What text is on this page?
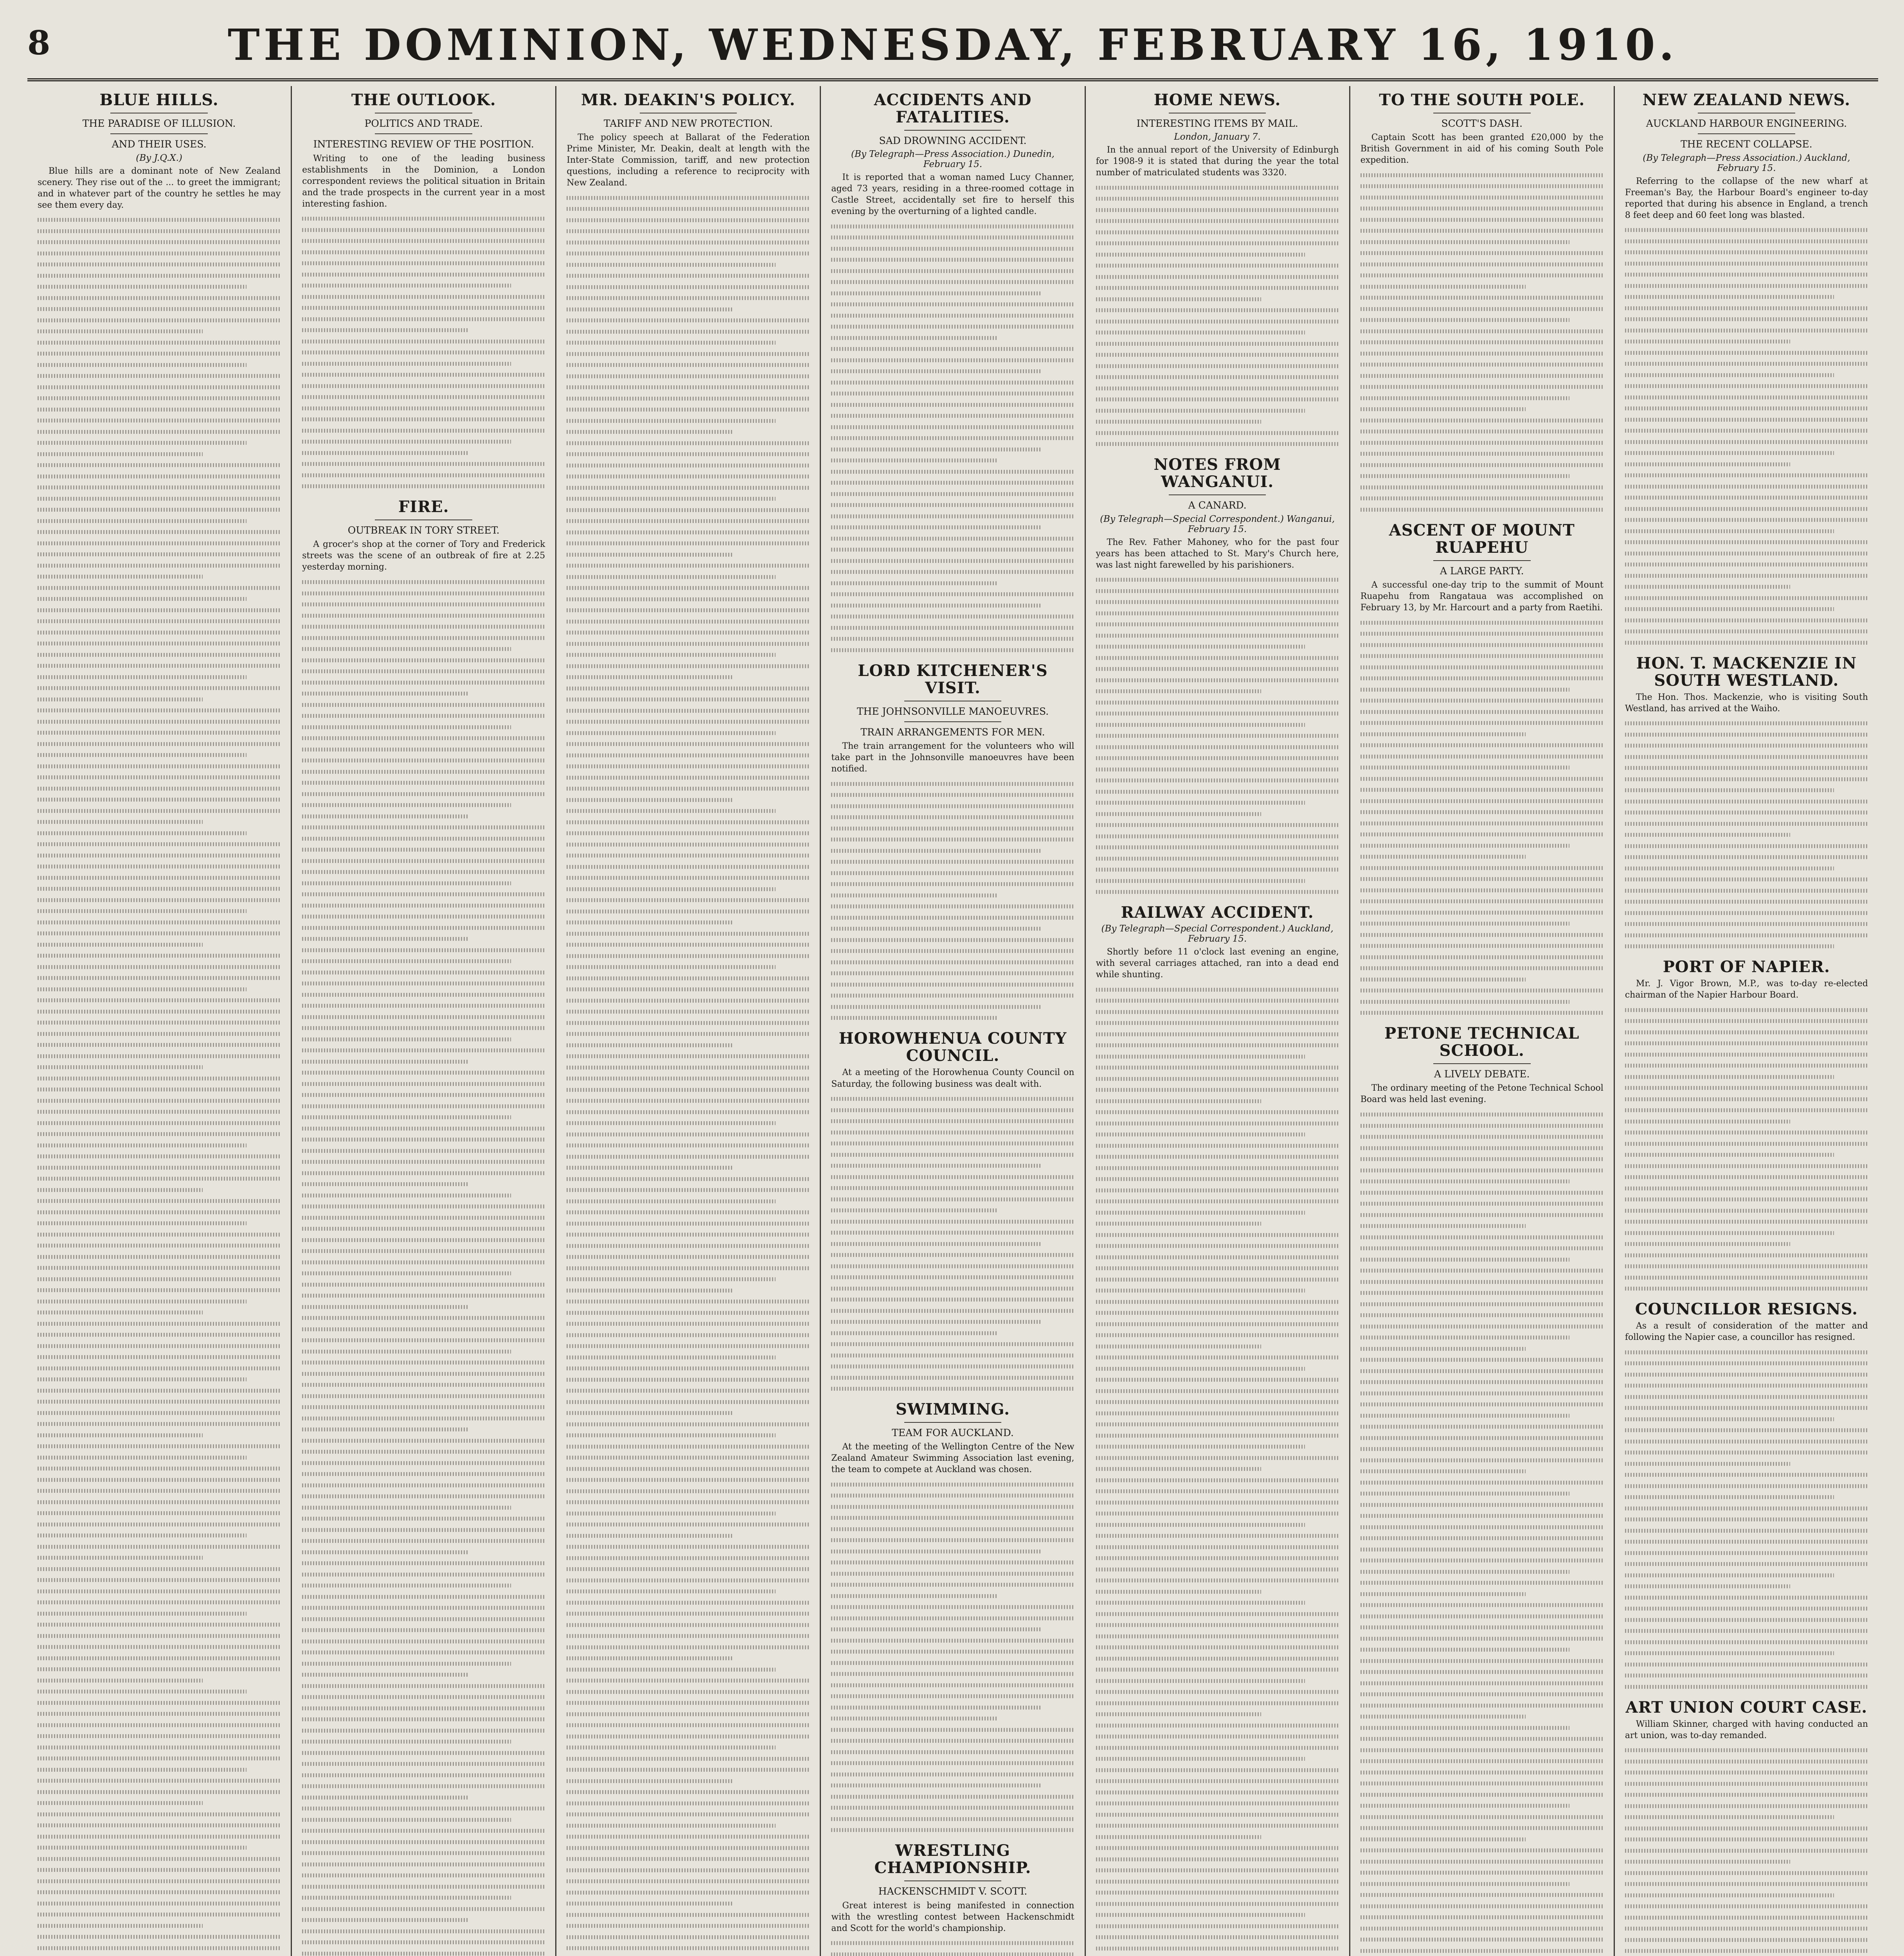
8	THE DOMINION, WEDNESDAY, FEBRUARY 16, 1910.
BLUE HILLS.
THE PARADISE OF ILLUSION.
AND THEIR USES.
(By J.Q.X.)
Blue hills are a dominant note of New Zealand scenery. They rise out of the ... to greet the immigrant; and in whatever part of the country he settles he may see them every day.
THE OUTLOOK.
POLITICS AND TRADE.
INTERESTING REVIEW OF THE POSITION.
Writing to one of the leading business establishments in the Dominion, a London correspondent reviews the political situation in Britain and the trade prospects in the current year in a most interesting fashion.
FIRE.
OUTBREAK IN TORY STREET.
A grocer's shop at the corner of Tory and Frederick streets was the scene of an outbreak of fire at 2.25 yesterday morning.
MR. DEAKIN'S POLICY.
TARIFF AND NEW PROTECTION.
The policy speech at Ballarat of the Federation Prime Minister, Mr. Deakin, dealt at length with the Inter-State Commission, tariff, and new protection questions, including a reference to reciprocity with New Zealand.
ACCIDENTS AND FATALITIES.
SAD DROWNING ACCIDENT.
(By Telegraph—Press Association.) Dunedin, February 15.
It is reported that a woman named Lucy Channer, aged 73 years, residing in a three-roomed cottage in Castle Street, accidentally set fire to herself this evening by the overturning of a lighted candle.
LORD KITCHENER'S VISIT.
THE JOHNSONVILLE MANOEUVRES.
TRAIN ARRANGEMENTS FOR MEN.
The train arrangement for the volunteers who will take part in the Johnsonville manoeuvres have been notified.
HOROWHENUA COUNTY COUNCIL.
At a meeting of the Horowhenua County Council on Saturday, the following business was dealt with.
SWIMMING.
TEAM FOR AUCKLAND.
At the meeting of the Wellington Centre of the New Zealand Amateur Swimming Association last evening, the team to compete at Auckland was chosen.
WRESTLING CHAMPIONSHIP.
HACKENSCHMIDT V. SCOTT.
Great interest is being manifested in connection with the wrestling contest between Hackenschmidt and Scott for the world's championship.
HOME NEWS.
INTERESTING ITEMS BY MAIL.
London, January 7.
In the annual report of the University of Edinburgh for 1908-9 it is stated that during the year the total number of matriculated students was 3320.
NOTES FROM WANGANUI.
A CANARD.
(By Telegraph—Special Correspondent.) Wanganui, February 15.
The Rev. Father Mahoney, who for the past four years has been attached to St. Mary's Church here, was last night farewelled by his parishioners.
RAILWAY ACCIDENT.
(By Telegraph—Special Correspondent.) Auckland, February 15.
Shortly before 11 o'clock last evening an engine, with several carriages attached, ran into a dead end while shunting.
TO THE SOUTH POLE.
SCOTT'S DASH.
Captain Scott has been granted £20,000 by the British Government in aid of his coming South Pole expedition.
ASCENT OF MOUNT RUAPEHU
A LARGE PARTY.
A successful one-day trip to the summit of Mount Ruapehu from Rangataua was accomplished on February 13, by Mr. Harcourt and a party from Raetihi.
PETONE TECHNICAL SCHOOL.
A LIVELY DEBATE.
The ordinary meeting of the Petone Technical School Board was held last evening.
NEW ZEALAND NEWS.
AUCKLAND HARBOUR ENGINEERING.
THE RECENT COLLAPSE.
(By Telegraph—Press Association.) Auckland, February 15.
Referring to the collapse of the new wharf at Freeman's Bay, the Harbour Board's engineer to-day reported that during his absence in England, a trench 8 feet deep and 60 feet long was blasted.
HON. T. MACKENZIE IN SOUTH WESTLAND.
The Hon. Thos. Mackenzie, who is visiting South Westland, has arrived at the Waiho.
PORT OF NAPIER.
Mr. J. Vigor Brown, M.P., was to-day re-elected chairman of the Napier Harbour Board.
COUNCILLOR RESIGNS.
As a result of consideration of the matter and following the Napier case, a councillor has resigned.
ART UNION COURT CASE.
William Skinner, charged with having conducted an art union, was to-day remanded.
